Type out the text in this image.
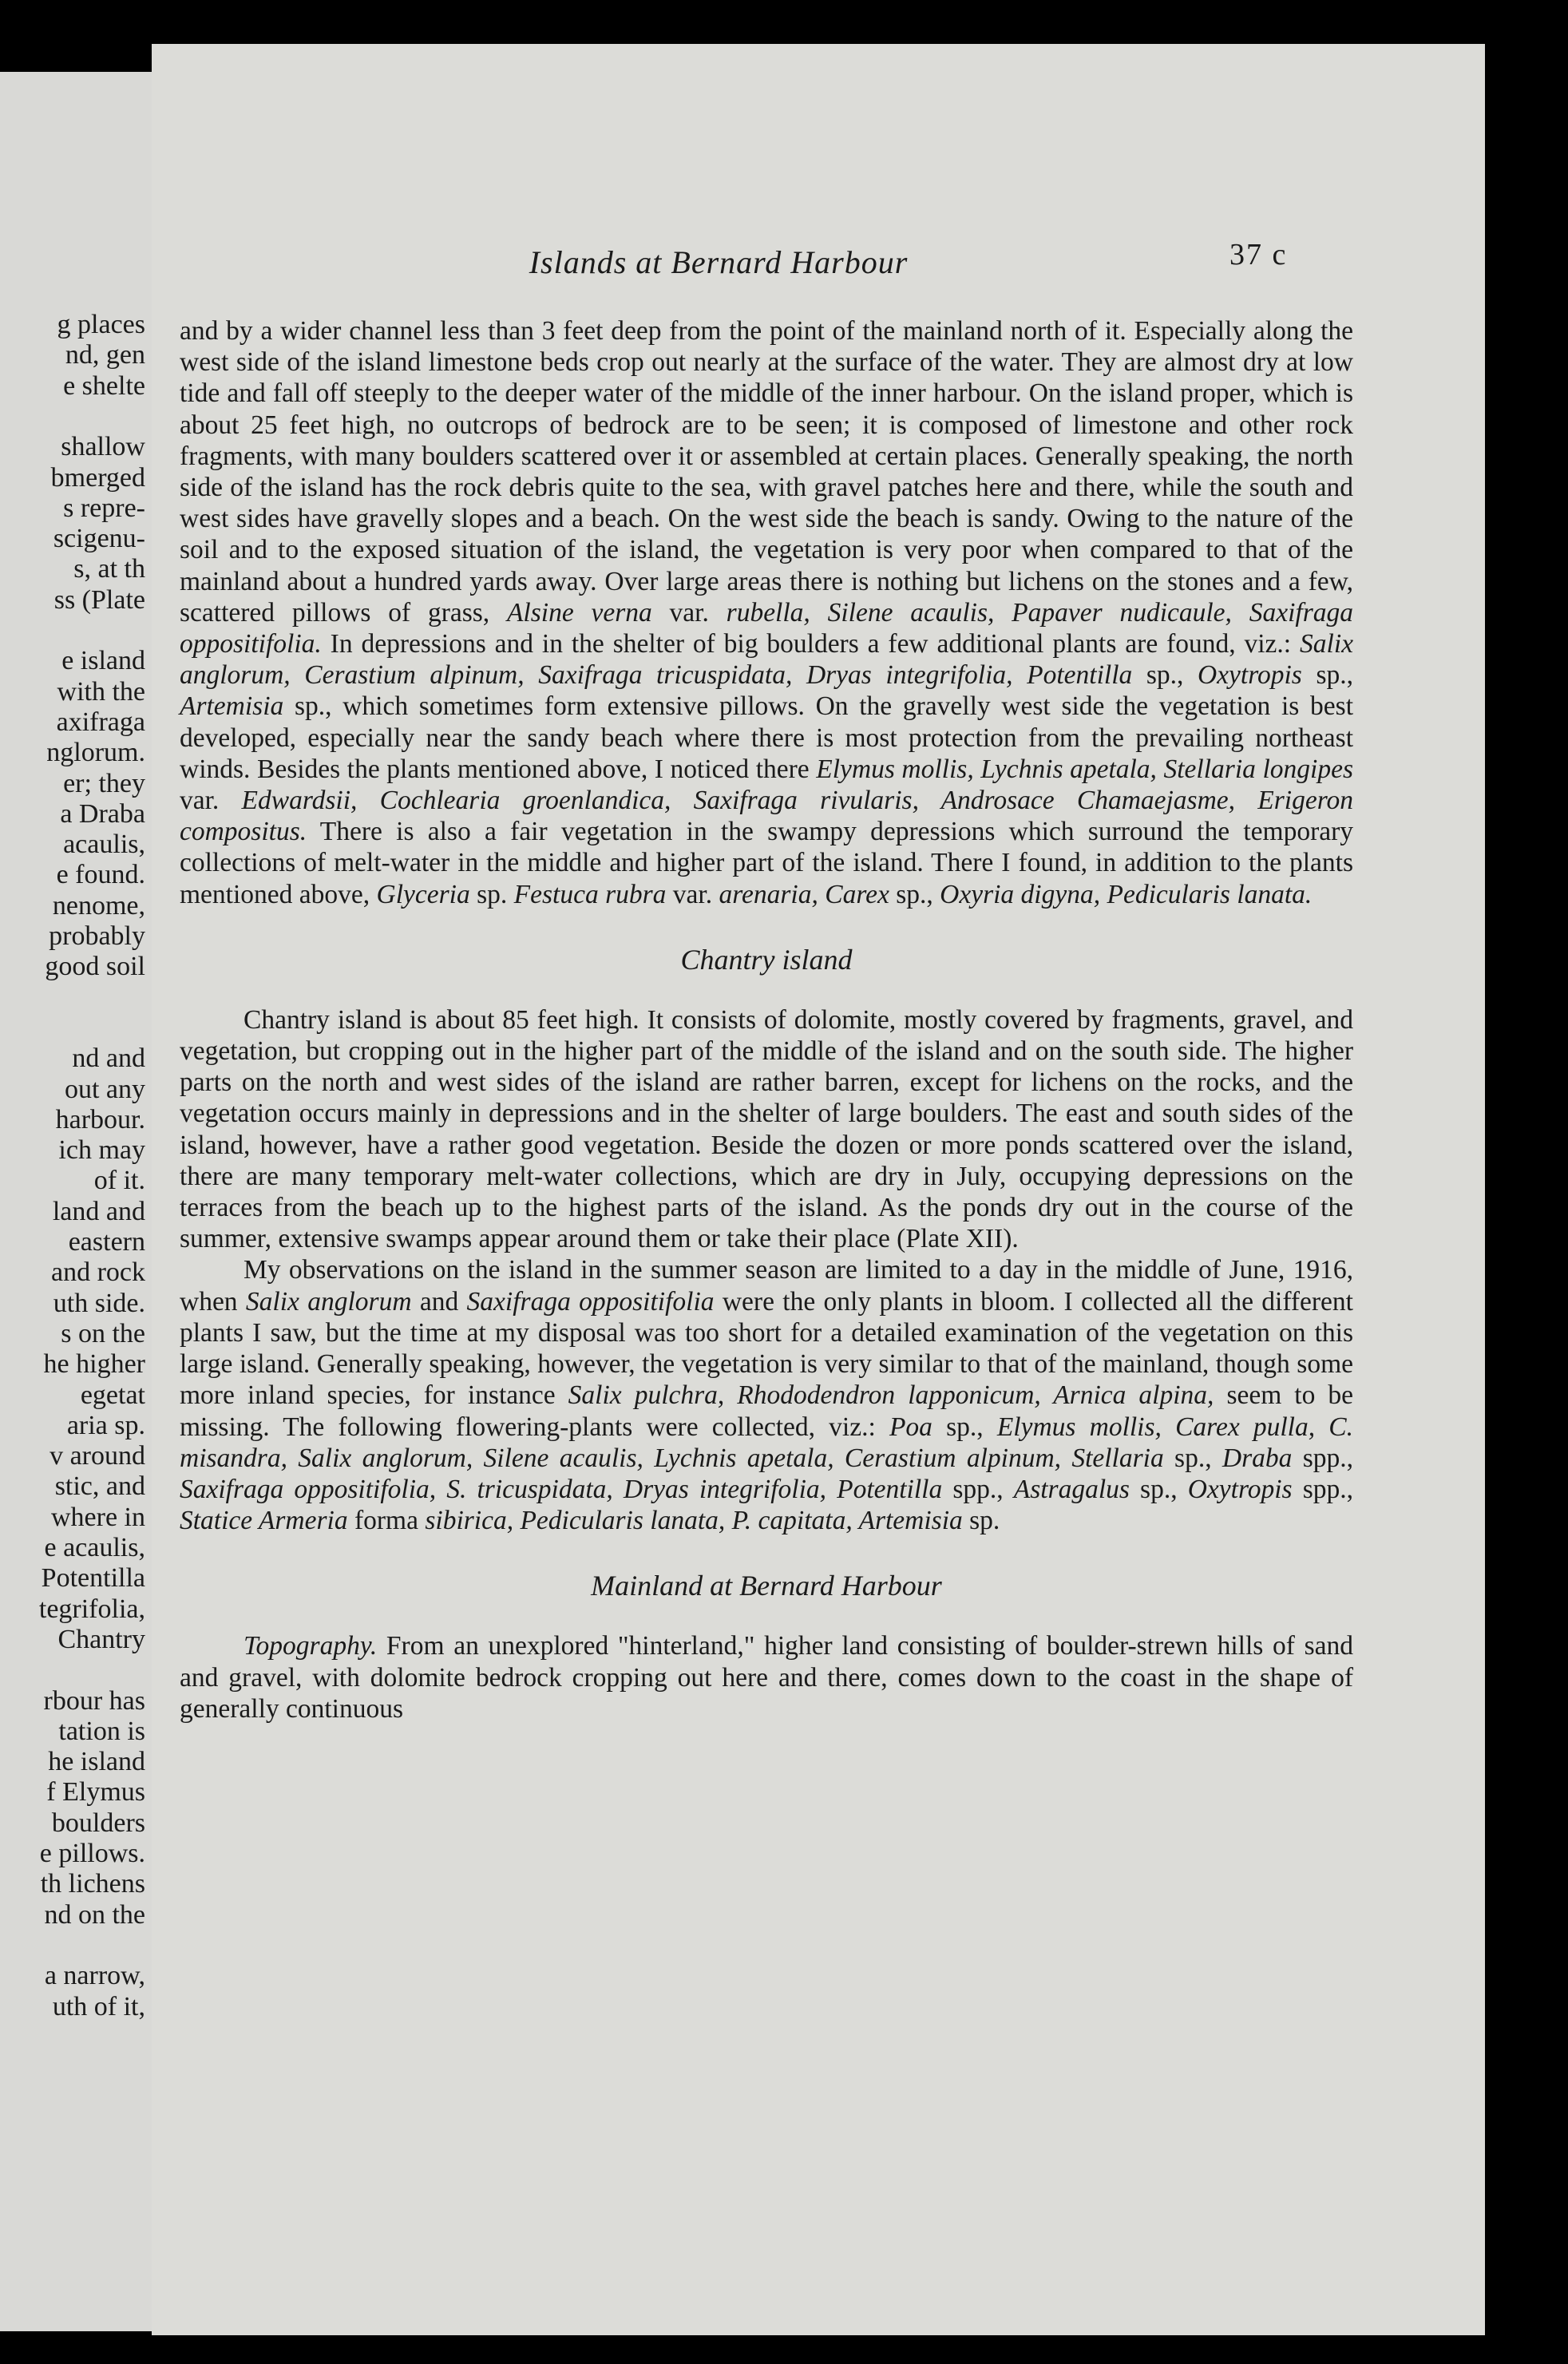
g places
nd, gen
e shelte
shallow
bmerged
s repre-
scigenu-
s, at th
ss (Plate
e island
with the
axifraga
nglorum.
er; they
a Draba
acaulis,
e found.
nenome,
probably
good soil
nd and
out any
harbour.
ich may
of it.
land and
eastern
and rock
uth side.
s on the
he higher
egetat
aria sp.
v around
stic, and
where in
e acaulis,
Potentilla
tegrifolia,
Chantry
rbour has
tation is
he island
f Elymus
boulders
e pillows.
th lichens
nd on the
a narrow,
uth of it,
Islands at Bernard Harbour	37 c

and by a wider channel less than 3 feet deep from the point of the mainland north of it. Especially along the west side of the island limestone beds crop out nearly at the surface of the water. They are almost dry at low tide and fall off steeply to the deeper water of the middle of the inner harbour. On the island proper, which is about 25 feet high, no outcrops of bedrock are to be seen; it is composed of limestone and other rock fragments, with many boulders scattered over it or assembled at certain places. Generally speaking, the north side of the island has the rock debris quite to the sea, with gravel patches here and there, while the south and west sides have gravelly slopes and a beach. On the west side the beach is sandy. Owing to the nature of the soil and to the exposed situation of the island, the vegetation is very poor when compared to that of the mainland about a hundred yards away. Over large areas there is nothing but lichens on the stones and a few, scattered pillows of grass, Alsine verna var. rubella, Silene acaulis, Papaver nudicaule, Saxifraga oppositifolia. In depressions and in the shelter of big boulders a few additional plants are found, viz.: Salix anglorum, Cerastium alpinum, Saxifraga tricuspidata, Dryas integrifolia, Potentilla sp., Oxytropis sp., Artemisia sp., which sometimes form extensive pillows. On the gravelly west side the vegetation is best developed, especially near the sandy beach where there is most protection from the prevailing northeast winds. Besides the plants mentioned above, I noticed there Elymus mollis, Lychnis apetala, Stellaria longipes var. Edwardsii, Cochlearia groenlandica, Saxifraga rivularis, Androsace Chamaejasme, Erigeron compositus. There is also a fair vegetation in the swampy depressions which surround the temporary collections of melt-water in the middle and higher part of the island. There I found, in addition to the plants mentioned above, Glyceria sp. Festuca rubra var. arenaria, Carex sp., Oxyria digyna, Pedicularis lanata.

Chantry island

Chantry island is about 85 feet high. It consists of dolomite, mostly covered by fragments, gravel, and vegetation, but cropping out in the higher part of the middle of the island and on the south side. The higher parts on the north and west sides of the island are rather barren, except for lichens on the rocks, and the vegetation occurs mainly in depressions and in the shelter of large boulders. The east and south sides of the island, however, have a rather good vegetation. Beside the dozen or more ponds scattered over the island, there are many temporary melt-water collections, which are dry in July, occupying depressions on the terraces from the beach up to the highest parts of the island. As the ponds dry out in the course of the summer, extensive swamps appear around them or take their place (Plate XII).

My observations on the island in the summer season are limited to a day in the middle of June, 1916, when Salix anglorum and Saxifraga oppositifolia were the only plants in bloom. I collected all the different plants I saw, but the time at my disposal was too short for a detailed examination of the vegetation on this large island. Generally speaking, however, the vegetation is very similar to that of the mainland, though some more inland species, for instance Salix pulchra, Rhododendron lapponicum, Arnica alpina, seem to be missing. The following flowering-plants were collected, viz.: Poa sp., Elymus mollis, Carex pulla, C. misandra, Salix anglorum, Silene acaulis, Lychnis apetala, Cerastium alpinum, Stellaria sp., Draba spp., Saxifraga oppositifolia, S. tricuspidata, Dryas integrifolia, Potentilla spp., Astragalus sp., Oxytropis spp., Statice Armeria forma sibirica, Pedicularis lanata, P. capitata, Artemisia sp.

Mainland at Bernard Harbour

Topography. From an unexplored "hinterland," higher land consisting of boulder-strewn hills of sand and gravel, with dolomite bedrock cropping out here and there, comes down to the coast in the shape of generally continuous
